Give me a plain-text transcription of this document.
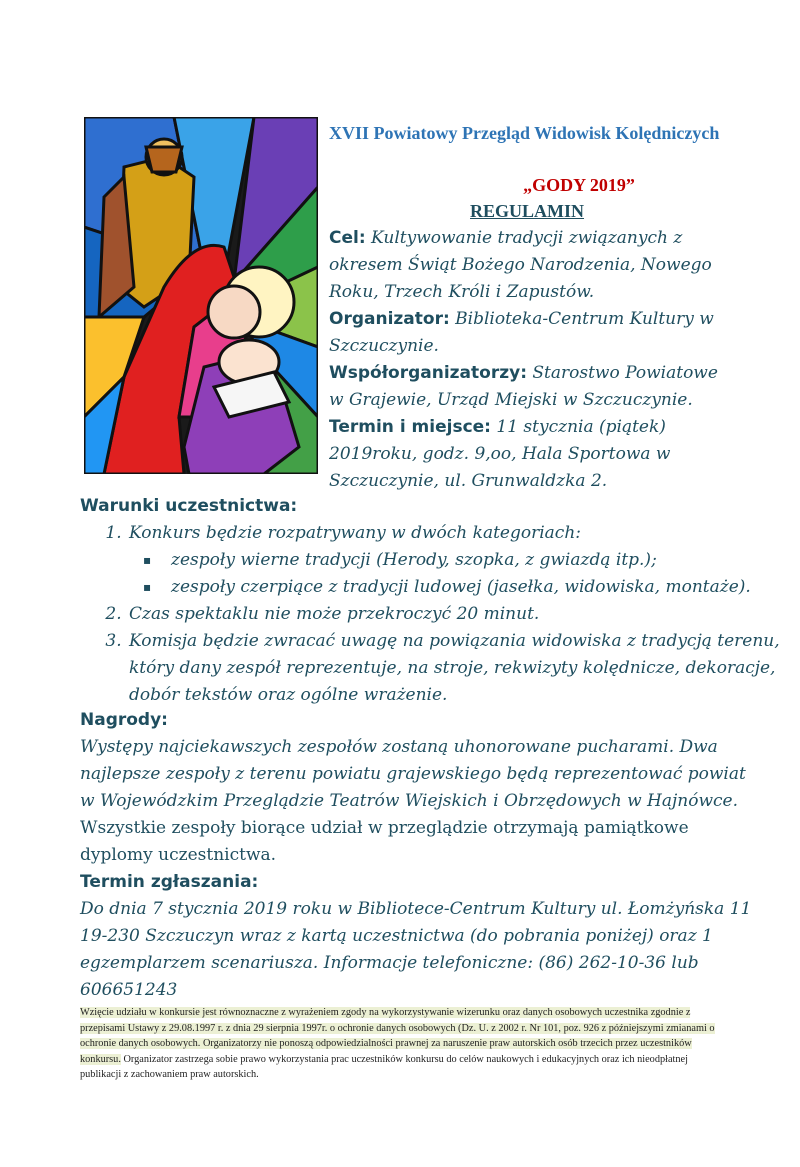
XVII Powiatowy Przegląd Widowisk Kolędniczych
„GODY 2019”
REGULAMIN
Cel: Kultywowanie tradycji związanych z okresem Świąt Bożego Narodzenia, Nowego Roku, Trzech Króli i Zapustów.
Organizator: Biblioteka-Centrum Kultury w Szczuczynie.
Współorganizatorzy: Starostwo Powiatowe w Grajewie, Urząd Miejski w Szczuczynie.
Termin i miejsce: 11 stycznia (piątek) 2019roku, godz. 9,oo, Hala Sportowa w Szczuczynie, ul. Grunwaldzka 2.
Warunki uczestnictwa:
1. Konkurs będzie rozpatrywany w dwóch kategoriach:
▪ zespoły wierne tradycji (Herody, szopka, z gwiazdą itp.);
▪ zespoły czerpiące z tradycji ludowej (jasełka, widowiska, montaże).
2. Czas spektaklu nie może przekroczyć 20 minut.
3. Komisja będzie zwracać uwagę na powiązania widowiska z tradycją terenu, który dany zespół reprezentuje, na stroje, rekwizyty kolędnicze, dekoracje, dobór tekstów oraz ogólne wrażenie.
Nagrody:
Występy najciekawszych zespołów zostaną uhonorowane pucharami. Dwa najlepsze zespoły z terenu powiatu grajewskiego będą reprezentować powiat w Wojewódzkim Przeglądzie Teatrów Wiejskich i Obrzędowych w Hajnówce. Wszystkie zespoły biorące udział w przeglądzie otrzymają pamiątkowe dyplomy uczestnictwa.
Termin zgłaszania:
Do dnia 7 stycznia 2019 roku w Bibliotece-Centrum Kultury ul. Łomżyńska 11 19-230 Szczuczyn wraz z kartą uczestnictwa (do pobrania poniżej) oraz 1 egzemplarzem scenariusza. Informacje telefoniczne: (86) 262-10-36 lub 606651243
Wzięcie udziału w konkursie jest równoznaczne z wyrażeniem zgody na wykorzystywanie wizerunku oraz danych osobowych uczestnika zgodnie z przepisami Ustawy z 29.08.1997 r. z dnia 29 sierpnia 1997r. o ochronie danych osobowych (Dz. U. z 2002 r. Nr 101, poz. 926 z późniejszymi zmianami o ochronie danych osobowych. Organizatorzy nie ponoszą odpowiedzialności prawnej za naruszenie praw autorskich osób trzecich przez uczestników konkursu. Organizator zastrzega sobie prawo wykorzystania prac uczestników konkursu do celów naukowych i edukacyjnych oraz ich nieodpłatnej publikacji z zachowaniem praw autorskich.
